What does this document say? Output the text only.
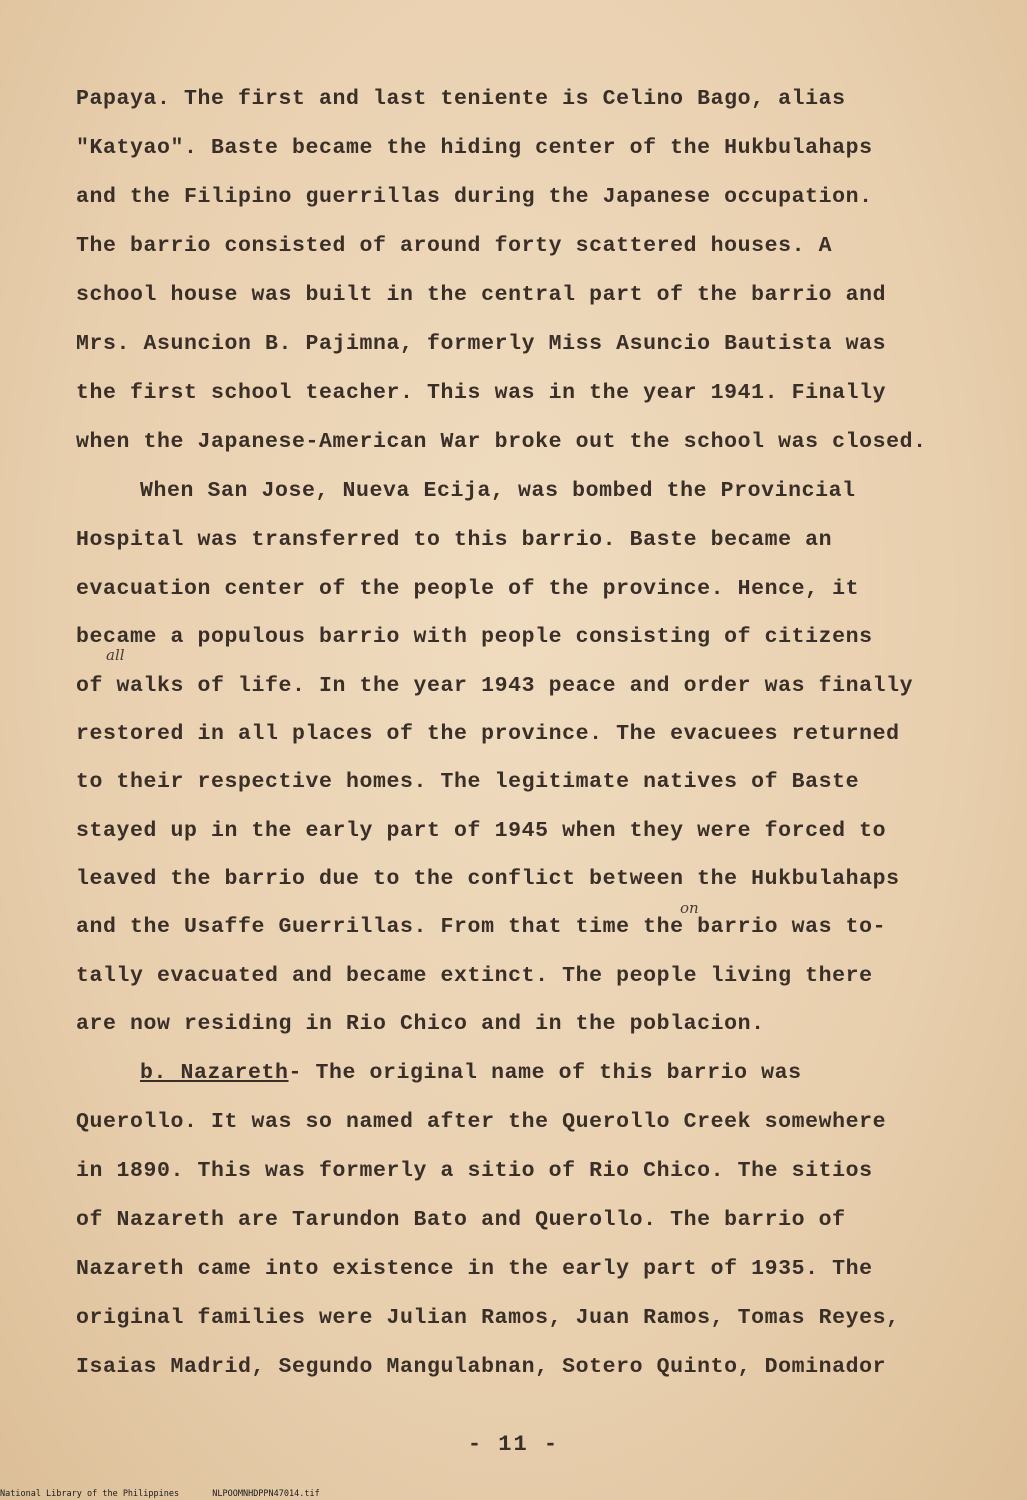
Papaya. The first and last teniente is Celino Bago, alias
"Katyao". Baste became the hiding center of the Hukbulahaps
and the Filipino guerrillas during the Japanese occupation.
The barrio consisted of around forty scattered houses. A
school house was built in the central part of the barrio and
Mrs. Asuncion B. Pajimna, formerly Miss Asuncio Bautista was
the first school teacher. This was in the year 1941. Finally
when the Japanese-American War broke out the school was closed.
When San Jose, Nueva Ecija, was bombed the Provincial
Hospital was transferred to this barrio. Baste became an
evacuation center of the people of the province. Hence, it
became a populous barrio with people consisting of citizens
all
of walks of life. In the year 1943 peace and order was finally
restored in all places of the province. The evacuees returned
to their respective homes. The legitimate natives of Baste
stayed up in the early part of 1945 when they were forced to
leaved the barrio due to the conflict between the Hukbulahaps
on
and the Usaffe Guerrillas. From that time the barrio was to-
tally evacuated and became extinct. The people living there
are now residing in Rio Chico and in the poblacion.
b. Nazareth- The original name of this barrio was
Querollo. It was so named after the Querollo Creek somewhere
in 1890. This was formerly a sitio of Rio Chico. The sitios
of Nazareth are Tarundon Bato and Querollo. The barrio of
Nazareth came into existence in the early part of 1935. The
original families were Julian Ramos, Juan Ramos, Tomas Reyes,
Isaias Madrid, Segundo Mangulabnan, Sotero Quinto, Dominador
- 11 -
National Library of the Philippines	NLPOOMNHDPPN47014.tif
